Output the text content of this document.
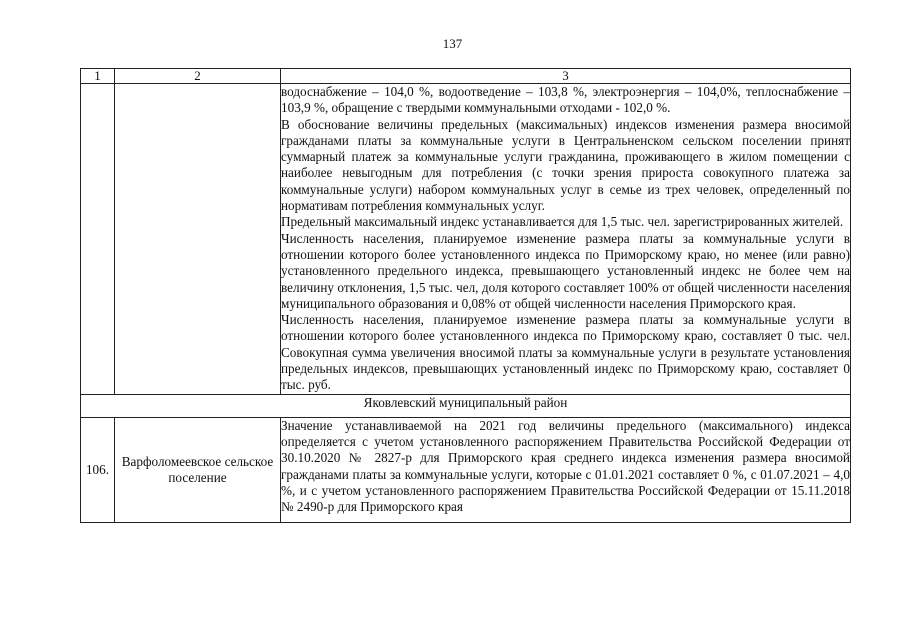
137
1	2	3

		водоснабжение – 104,0 %, водоотведение – 103,8 %, электроэнергия – 104,0%, теплоснабжение – 103,9 %, обращение с твердыми коммунальными отходами - 102,0 %.

В обоснование величины предельных (максимальных) индексов изменения размера вносимой гражданами платы за коммунальные услуги в Центральненском сельском поселении принят суммарный платеж за коммунальные услуги гражданина, проживающего в жилом помещении с наиболее невыгодным для потребления (с точки зрения прироста совокупного платежа за коммунальные услуги) набором коммунальных услуг в семье из трех человек, определенный по нормативам потребления коммунальных услуг.

Предельный максимальный индекс устанавливается для 1,5 тыс. чел. зарегистрированных жителей.

Численность населения, планируемое изменение размера платы за коммунальные услуги в отношении которого более установленного индекса по Приморскому краю, но менее (или равно) установленного предельного индекса, превышающего установленный индекс не более чем на величину отклонения, 1,5 тыс. чел, доля которого составляет 100% от общей численности населения муниципального образования и 0,08% от общей численности населения Приморского края.

Численность населения, планируемое изменение размера платы за коммунальные услуги в отношении которого более установленного индекса по Приморскому краю, составляет 0 тыс. чел. Совокупная сумма увеличения вносимой платы за коммунальные услуги в результате установления предельных индексов, превышающих установленный индекс по Приморскому краю, составляет 0 тыс. руб.

Яковлевский муниципальный район		
106.	Варфоломеевское сельское поселение	Значение устанавливаемой на 2021 год величины предельного (максимального) индекса определяется с учетом установленного распоряжением Правительства Российской Федерации от 30.10.2020 № 2827-р для Приморского края среднего индекса изменения размера вносимой гражданами платы за коммунальные услуги, которые с 01.01.2021 составляет 0 %, с 01.07.2021 – 4,0 %, и с учетом установленного распоряжением Правительства Российской Федерации от 15.11.2018 № 2490-р для Приморского края
